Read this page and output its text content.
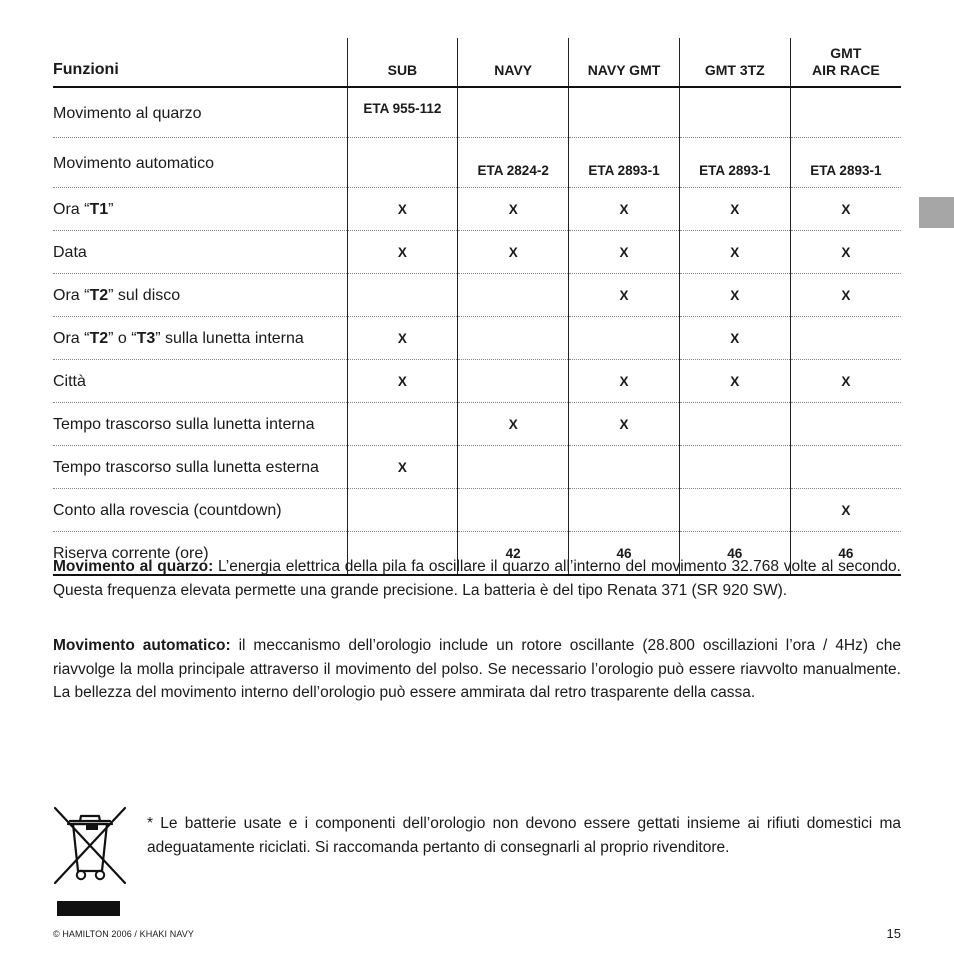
Funzioni	SUB	NAVY	NAVY GMT	GMT 3TZ	GMT
AIR RACE
Movimento al quarzo	ETA 955-112				
Movimento automatico		ETA 2824-2	ETA 2893-1	ETA 2893-1	ETA 2893-1
Ora “T1”	X	X	X	X	X
Data	X	X	X	X	X
Ora “T2” sul disco			X	X	X
Ora “T2” o “T3” sulla lunetta interna	X			X	
Città	X		X	X	X
Tempo trascorso sulla lunetta interna		X	X		
Tempo trascorso sulla lunetta esterna	X				
Conto alla rovescia (countdown)					X
Riserva corrente (ore)		42	46	46	46

Movimento al quarzo: L’energia elettrica della pila fa oscillare il quarzo all’interno del movimento 32.768 volte al secondo. Questa frequenza elevata permette una grande precisione. La batteria è del tipo Renata 371 (SR 920 SW).

Movimento automatico: il meccanismo dell’orologio include un rotore oscillante (28.800 oscillazioni l’ora / 4Hz) che riavvolge la molla principale attraverso il movimento del polso. Se necessario l’orologio può essere riavvolto manualmente. La bellezza del movimento interno dell’orologio può essere ammirata dal retro trasparente della cassa.

* Le batterie usate e i componenti dell’orologio non devono essere gettati insieme ai rifiuti domestici ma adeguatamente riciclati. Si raccomanda pertanto di consegnarli al proprio rivenditore.

© HAMILTON 2006 / KHAKI NAVY	15
